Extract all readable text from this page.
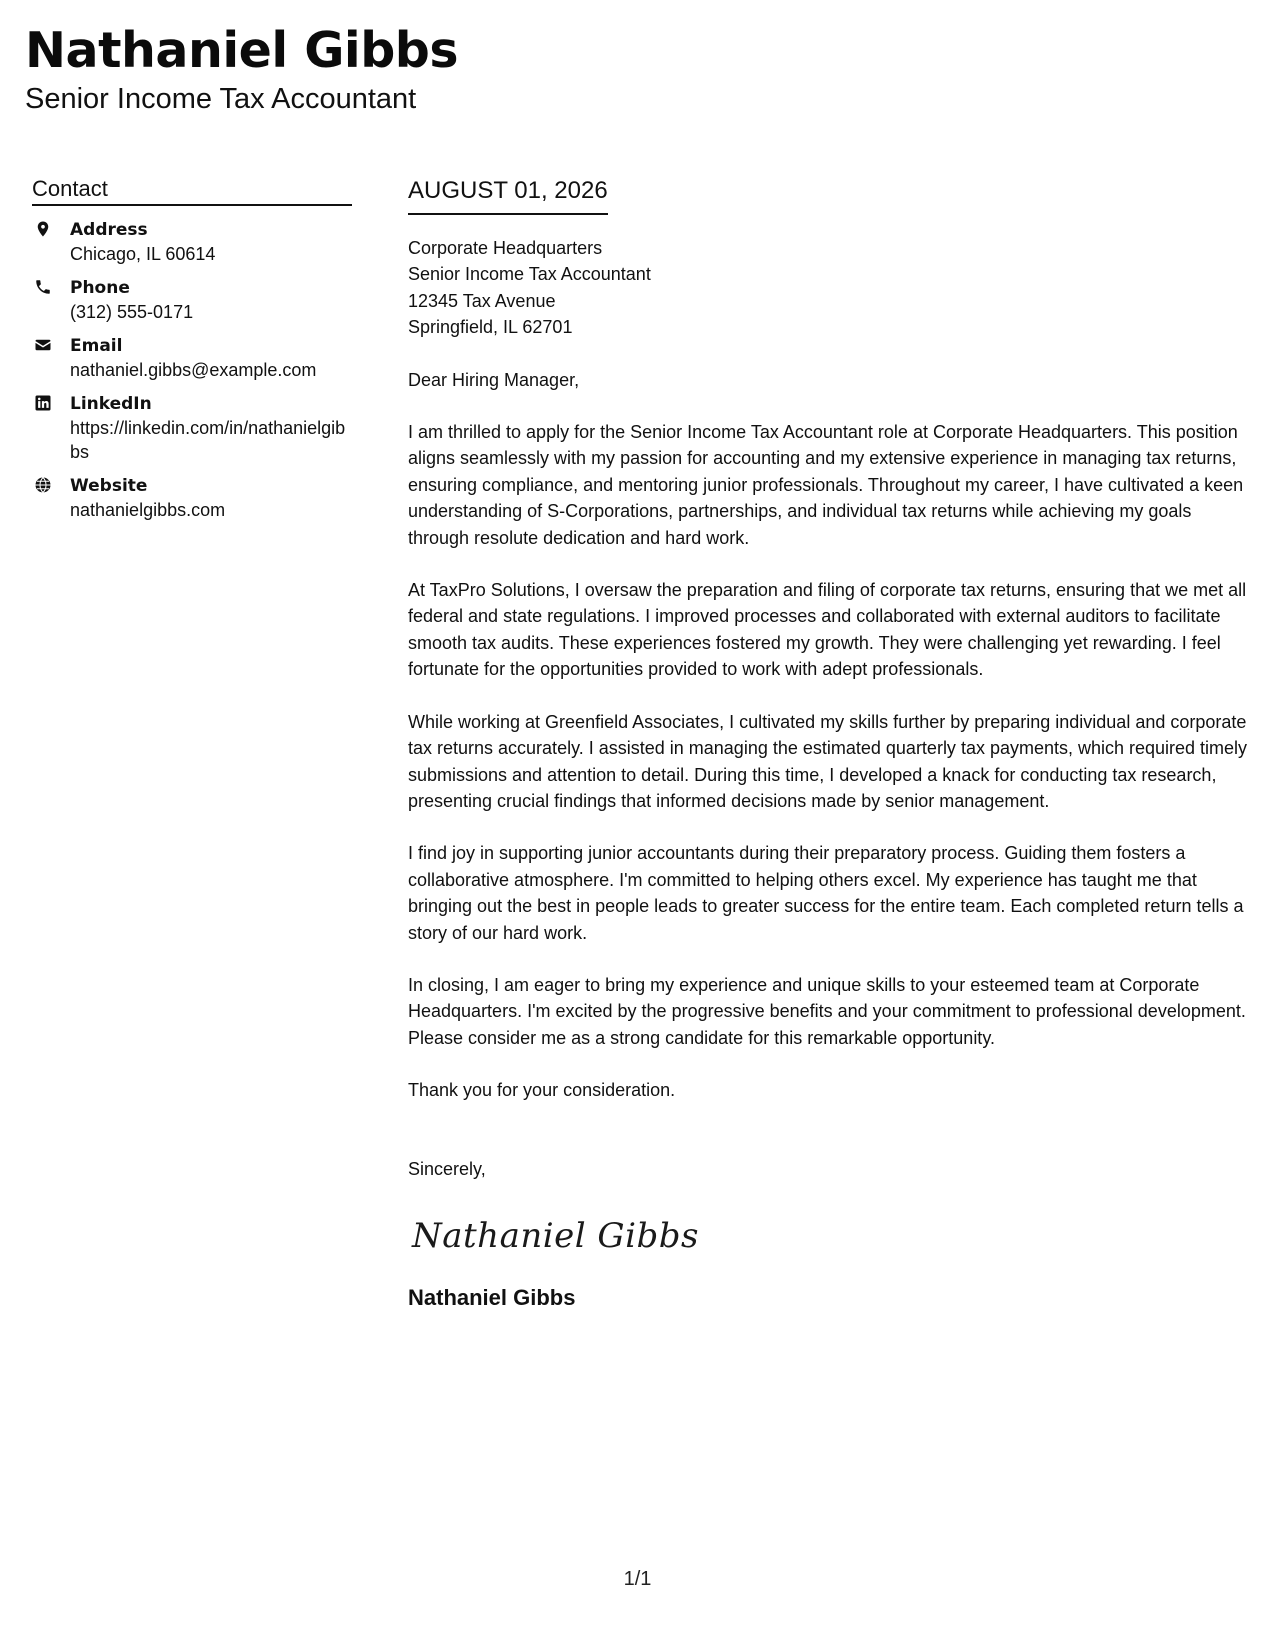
Nathaniel Gibbs
Senior Income Tax Accountant
Contact
Address
Chicago, IL 60614
Phone
(312) 555-0171
Email
nathaniel.gibbs@example.com
LinkedIn
https://linkedin.com/in/nathanielgibbs
Website
nathanielgibbs.com
AUGUST 01, 2026
Corporate Headquarters
Senior Income Tax Accountant
12345 Tax Avenue
Springfield, IL 62701

Dear Hiring Manager,

I am thrilled to apply for the Senior Income Tax Accountant role at Corporate Headquarters. This position aligns seamlessly with my passion for accounting and my extensive experience in managing tax returns, ensuring compliance, and mentoring junior professionals. Throughout my career, I have cultivated a keen understanding of S-Corporations, partnerships, and individual tax returns while achieving my goals through resolute dedication and hard work.

At TaxPro Solutions, I oversaw the preparation and filing of corporate tax returns, ensuring that we met all federal and state regulations. I improved processes and collaborated with external auditors to facilitate smooth tax audits. These experiences fostered my growth. They were challenging yet rewarding. I feel fortunate for the opportunities provided to work with adept professionals.

While working at Greenfield Associates, I cultivated my skills further by preparing individual and corporate tax returns accurately. I assisted in managing the estimated quarterly tax payments, which required timely submissions and attention to detail. During this time, I developed a knack for conducting tax research, presenting crucial findings that informed decisions made by senior management.

I find joy in supporting junior accountants during their preparatory process. Guiding them fosters a collaborative atmosphere. I'm committed to helping others excel. My experience has taught me that bringing out the best in people leads to greater success for the entire team. Each completed return tells a story of our hard work.

In closing, I am eager to bring my experience and unique skills to your esteemed team at Corporate Headquarters. I'm excited by the progressive benefits and your commitment to professional development. Please consider me as a strong candidate for this remarkable opportunity.

Thank you for your consideration.

Sincerely,
Nathaniel Gibbs
Nathaniel Gibbs
1/1
